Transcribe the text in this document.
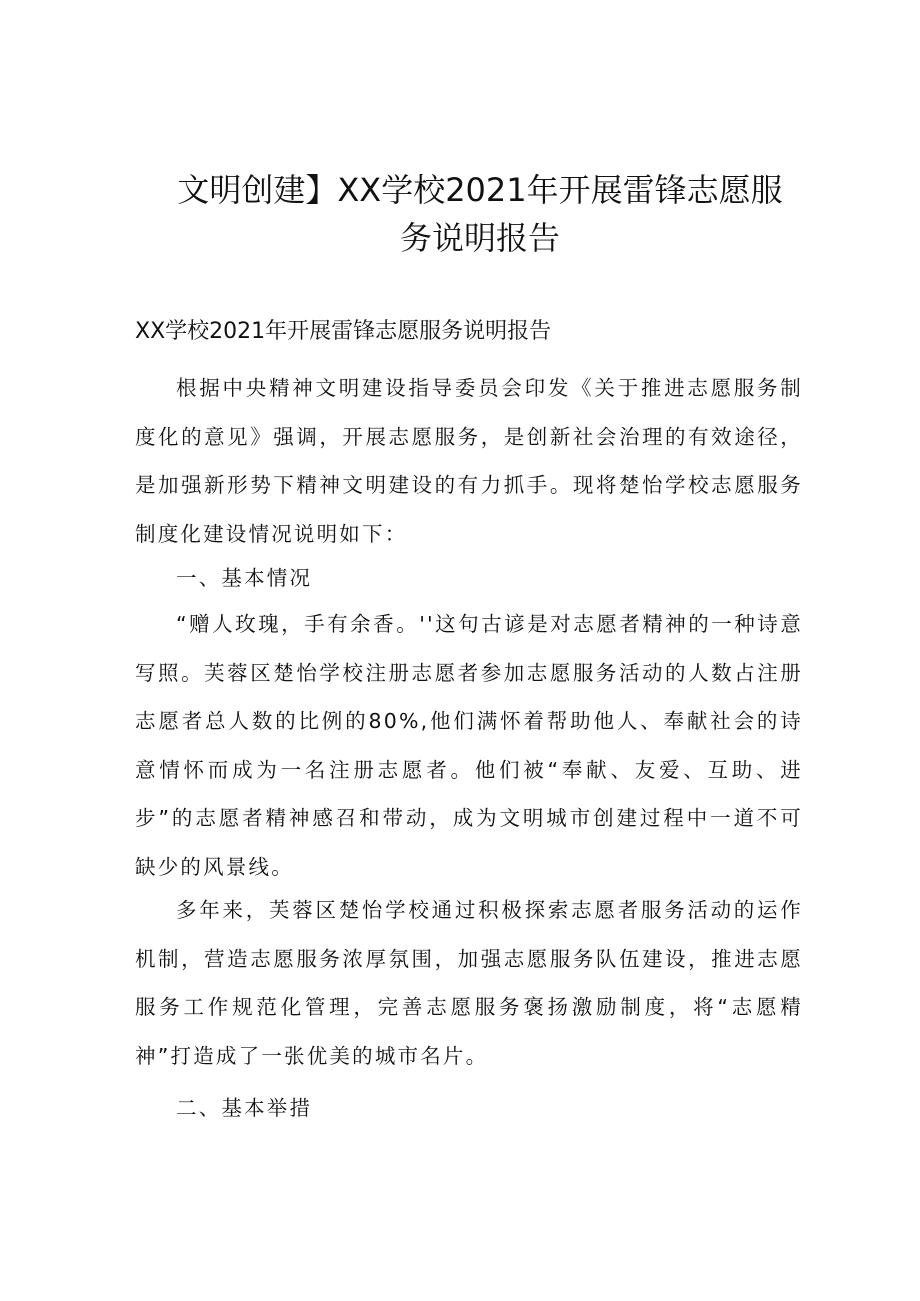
文明创建】XX学校2021年开展雷锋志愿服
务说明报告
XX学校2021年开展雷锋志愿服务说明报告
根据中央精神文明建设指导委员会印发《关于推进志愿服务制度化的意见》强调，开展志愿服务，是创新社会治理的有效途径，是加强新形势下精神文明建设的有力抓手。现将楚怡学校志愿服务制度化建设情况说明如下：
一、基本情况
“赠人玫瑰，手有余香。''这句古谚是对志愿者精神的一种诗意写照。芙蓉区楚怡学校注册志愿者参加志愿服务活动的人数占注册志愿者总人数的比例的80%,他们满怀着帮助他人、奉献社会的诗意情怀而成为一名注册志愿者。他们被“奉献、友爱、互助、进步”的志愿者精神感召和带动，成为文明城市创建过程中一道不可缺少的风景线。
多年来，芙蓉区楚怡学校通过积极探索志愿者服务活动的运作机制，营造志愿服务浓厚氛围，加强志愿服务队伍建设，推进志愿服务工作规范化管理，完善志愿服务褒扬激励制度，将“志愿精神”打造成了一张优美的城市名片。
二、基本举措
